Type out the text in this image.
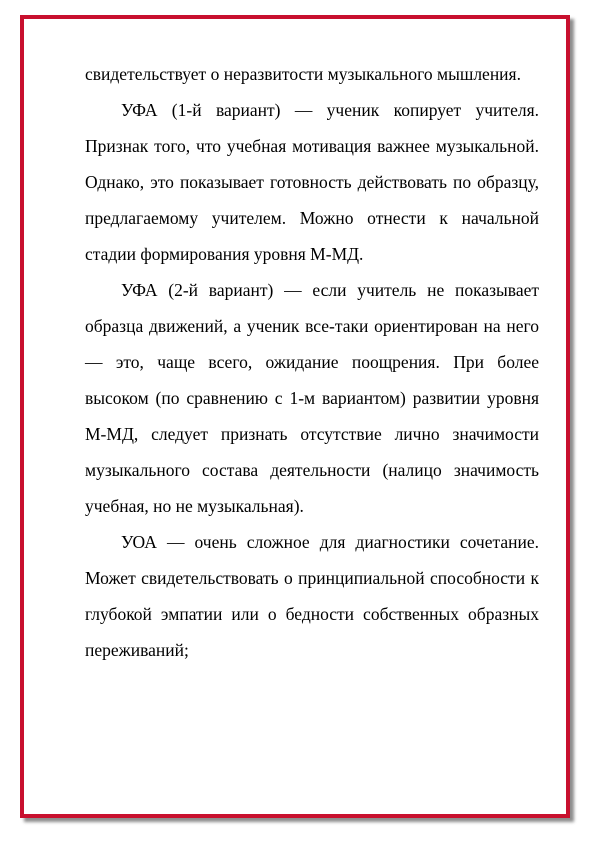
свидетельствует о неразвитости музыкального мышления.

УФА (1-й вариант) — ученик копирует учителя. Признак того, что учебная мотивация важнее музыкальной. Однако, это показывает готовность действовать по образцу, предлагаемому учителем. Можно отнести к начальной стадии формирования уровня М-МД.

УФА (2-й вариант) — если учитель не показывает образца движений, а ученик все-таки ориентирован на него — это, чаще всего, ожидание поощрения. При более высоком (по сравнению с 1-м вариантом) развитии уровня М-МД, следует признать отсутствие лично значимости музыкального состава деятельности (налицо значимость учебная, но не музыкальная).

УОА — очень сложное для диагностики сочетание. Может свидетельствовать о принципиальной способности к глубокой эмпатии или о бедности собственных образных переживаний;
